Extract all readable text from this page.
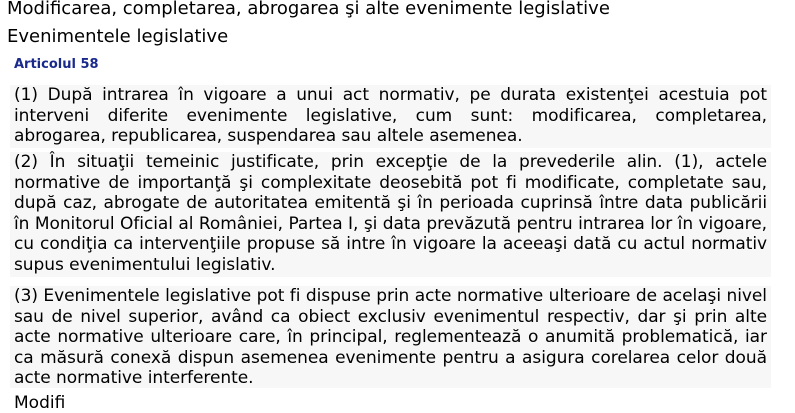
Modificarea, completarea, abrogarea şi alte evenimente legislative
Evenimentele legislative
Articolul 58

(1) După intrarea în vigoare a unui act normativ, pe durata existenţei acestuia pot interveni diferite evenimente legislative, cum sunt: modificarea, completarea, abrogarea, republicarea, suspendarea sau altele asemenea.

(2) În situaţii temeinic justificate, prin excepţie de la prevederile alin. (1), actele normative de importanţă şi complexitate deosebită pot fi modificate, completate sau, după caz, abrogate de autoritatea emitentă şi în perioada cuprinsă între data publicării în Monitorul Oficial al României, Partea I, şi data prevăzută pentru intrarea lor în vigoare, cu condiţia ca intervenţiile propuse să intre în vigoare la aceeaşi dată cu actul normativ supus evenimentului legislativ.

(3) Evenimentele legislative pot fi dispuse prin acte normative ulterioare de acelaşi nivel sau de nivel superior, având ca obiect exclusiv evenimentul respectiv, dar şi prin alte acte normative ulterioare care, în principal, reglementează o anumită problematică, iar ca măsură conexă dispun asemenea evenimente pentru a asigura corelarea celor două acte normative interferente.

Modifi
